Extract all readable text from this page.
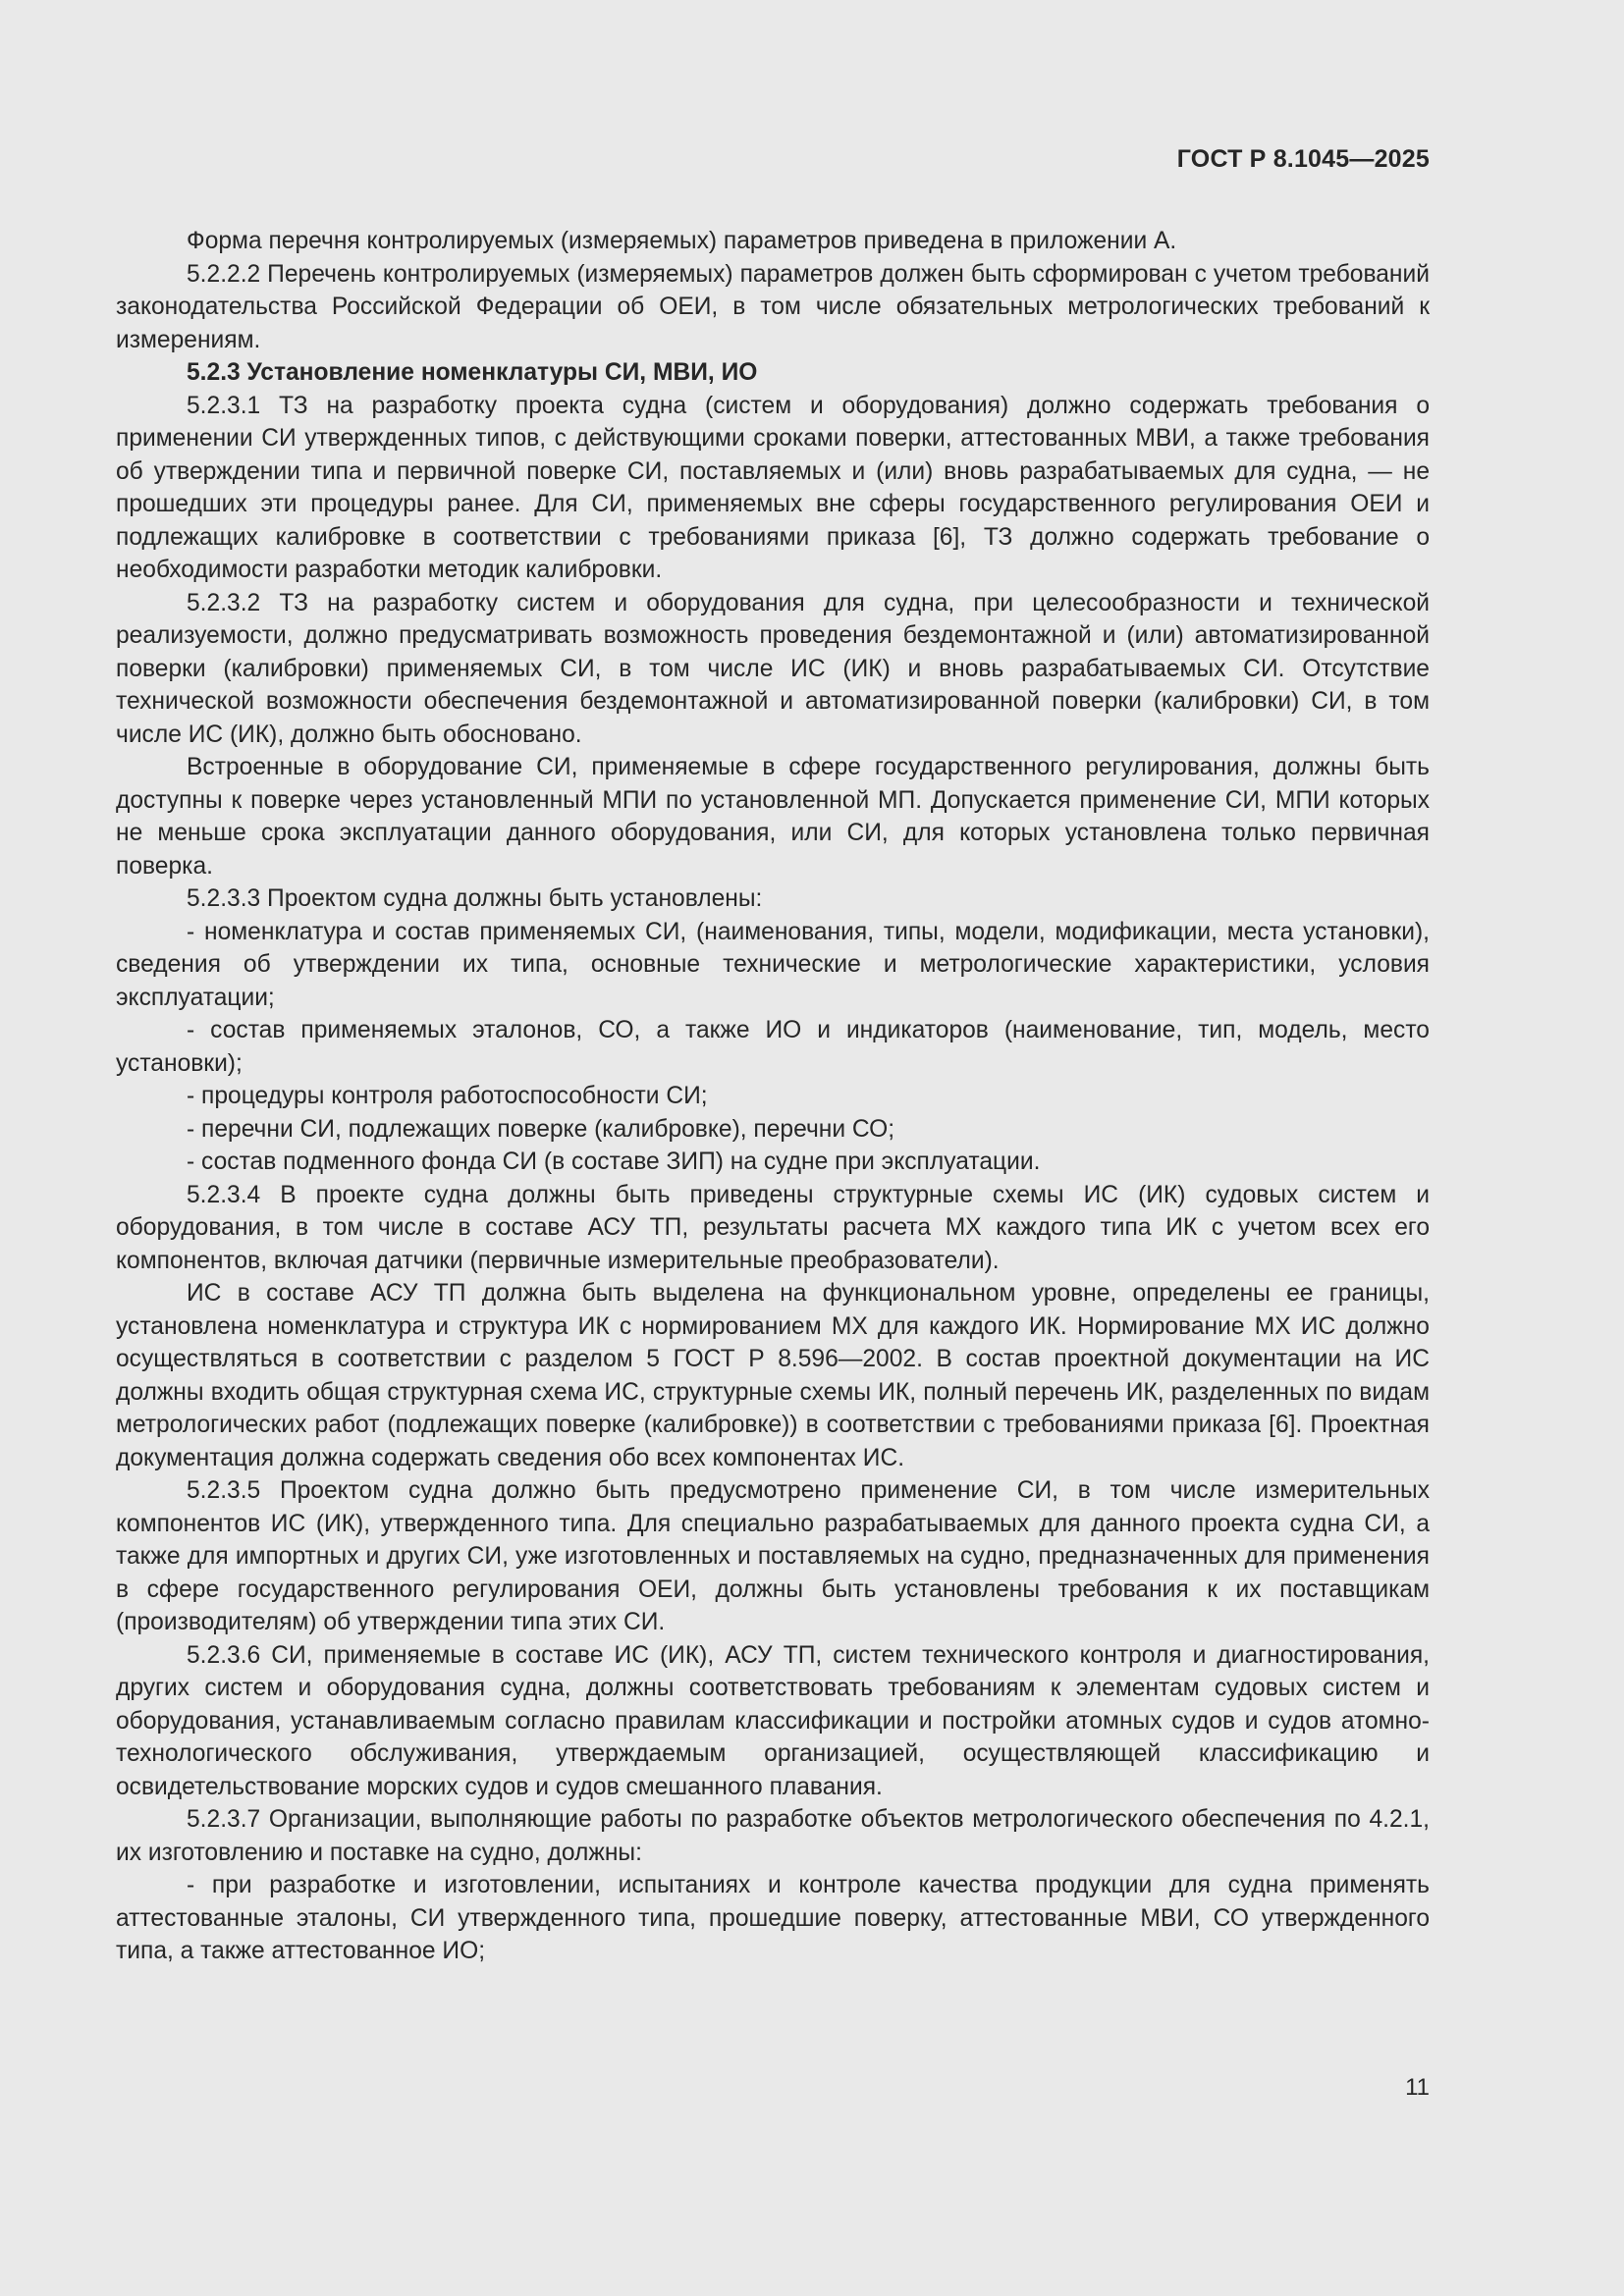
ГОСТ Р 8.1045—2025

Форма перечня контролируемых (измеряемых) параметров приведена в приложении А.

5.2.2.2 Перечень контролируемых (измеряемых) параметров должен быть сформирован с учетом требований законодательства Российской Федерации об ОЕИ, в том числе обязательных метрологических требований к измерениям.

5.2.3 Установление номенклатуры СИ, МВИ, ИО

5.2.3.1 ТЗ на разработку проекта судна (систем и оборудования) должно содержать требования о применении СИ утвержденных типов, с действующими сроками поверки, аттестованных МВИ, а также требования об утверждении типа и первичной поверке СИ, поставляемых и (или) вновь разрабатываемых для судна, — не прошедших эти процедуры ранее. Для СИ, применяемых вне сферы государственного регулирования ОЕИ и подлежащих калибровке в соответствии с требованиями приказа [6], ТЗ должно содержать требование о необходимости разработки методик калибровки.

5.2.3.2 ТЗ на разработку систем и оборудования для судна, при целесообразности и технической реализуемости, должно предусматривать возможность проведения бездемонтажной и (или) автоматизированной поверки (калибровки) применяемых СИ, в том числе ИС (ИК) и вновь разрабатываемых СИ. Отсутствие технической возможности обеспечения бездемонтажной и автоматизированной поверки (калибровки) СИ, в том числе ИС (ИК), должно быть обосновано.

Встроенные в оборудование СИ, применяемые в сфере государственного регулирования, должны быть доступны к поверке через установленный МПИ по установленной МП. Допускается применение СИ, МПИ которых не меньше срока эксплуатации данного оборудования, или СИ, для которых установлена только первичная поверка.

5.2.3.3 Проектом судна должны быть установлены:

- номенклатура и состав применяемых СИ, (наименования, типы, модели, модификации, места установки), сведения об утверждении их типа, основные технические и метрологические характеристики, условия эксплуатации;

- состав применяемых эталонов, СО, а также ИО и индикаторов (наименование, тип, модель, место установки);

- процедуры контроля работоспособности СИ;

- перечни СИ, подлежащих поверке (калибровке), перечни СО;

- состав подменного фонда СИ (в составе ЗИП) на судне при эксплуатации.

5.2.3.4 В проекте судна должны быть приведены структурные схемы ИС (ИК) судовых систем и оборудования, в том числе в составе АСУ ТП, результаты расчета МХ каждого типа ИК с учетом всех его компонентов, включая датчики (первичные измерительные преобразователи).

ИС в составе АСУ ТП должна быть выделена на функциональном уровне, определены ее границы, установлена номенклатура и структура ИК с нормированием МХ для каждого ИК. Нормирование МХ ИС должно осуществляться в соответствии с разделом 5 ГОСТ Р 8.596—2002. В состав проектной документации на ИС должны входить общая структурная схема ИС, структурные схемы ИК, полный перечень ИК, разделенных по видам метрологических работ (подлежащих поверке (калибровке)) в соответствии с требованиями приказа [6]. Проектная документация должна содержать сведения обо всех компонентах ИС.

5.2.3.5 Проектом судна должно быть предусмотрено применение СИ, в том числе измерительных компонентов ИС (ИК), утвержденного типа. Для специально разрабатываемых для данного проекта судна СИ, а также для импортных и других СИ, уже изготовленных и поставляемых на судно, предназначенных для применения в сфере государственного регулирования ОЕИ, должны быть установлены требования к их поставщикам (производителям) об утверждении типа этих СИ.

5.2.3.6 СИ, применяемые в составе ИС (ИК), АСУ ТП, систем технического контроля и диагностирования, других систем и оборудования судна, должны соответствовать требованиям к элементам судовых систем и оборудования, устанавливаемым согласно правилам классификации и постройки атомных судов и судов атомно-технологического обслуживания, утверждаемым организацией, осуществляющей классификацию и освидетельствование морских судов и судов смешанного плавания.

5.2.3.7 Организации, выполняющие работы по разработке объектов метрологического обеспечения по 4.2.1, их изготовлению и поставке на судно, должны:

- при разработке и изготовлении, испытаниях и контроле качества продукции для судна применять аттестованные эталоны, СИ утвержденного типа, прошедшие поверку, аттестованные МВИ, СО утвержденного типа, а также аттестованное ИО;

11
